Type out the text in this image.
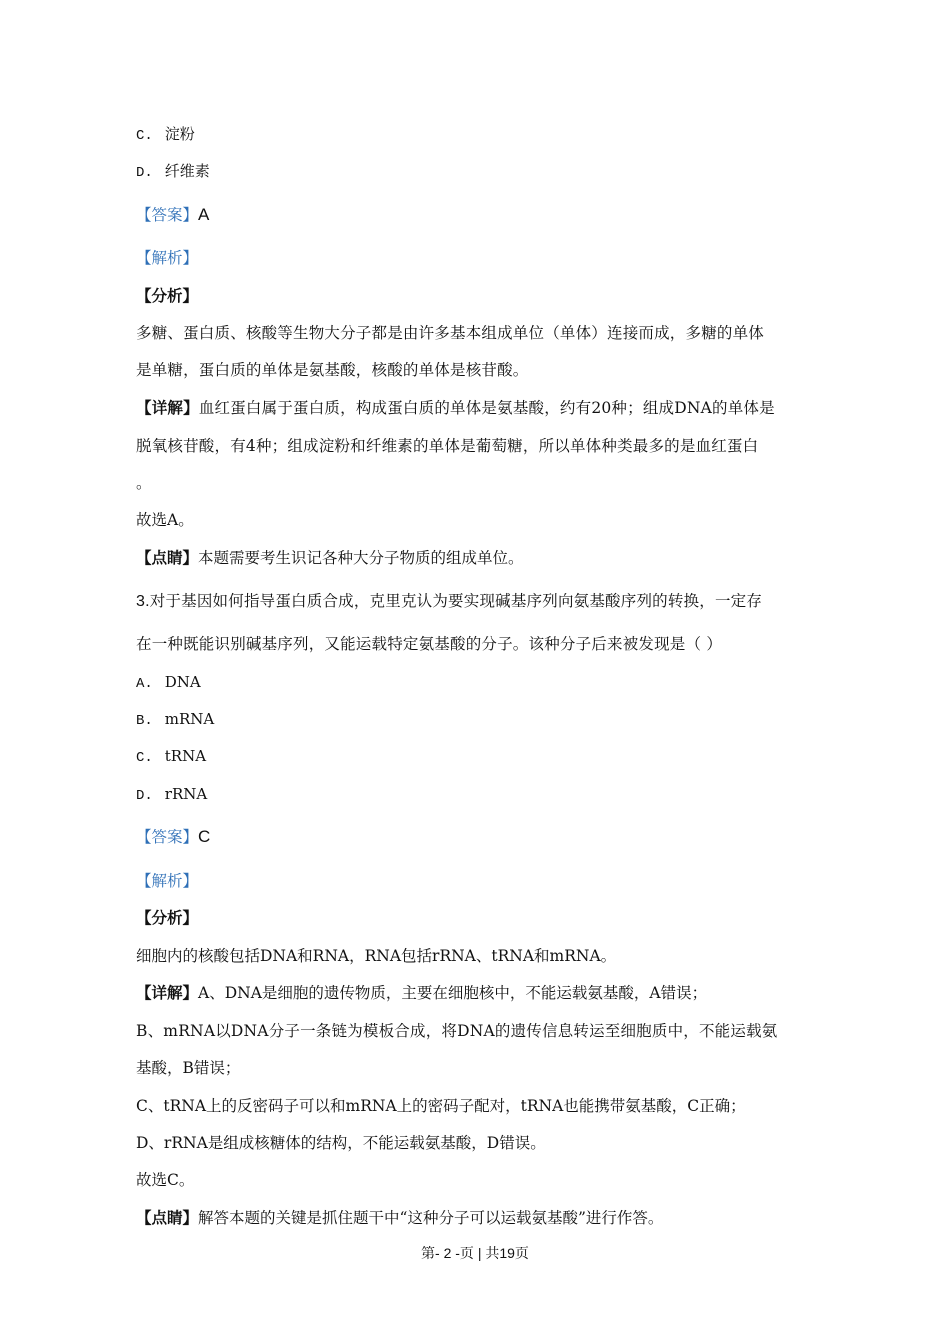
C. 淀粉
D. 纤维素
【答案】A
【解析】
【分析】
多糖、蛋白质、核酸等生物大分子都是由许多基本组成单位（单体）连接而成，多糖的单体
是单糖，蛋白质的单体是氨基酸，核酸的单体是核苷酸。
【详解】血红蛋白属于蛋白质，构成蛋白质的单体是氨基酸，约有20种；组成DNA的单体是
脱氧核苷酸，有4种；组成淀粉和纤维素的单体是葡萄糖，所以单体种类最多的是血红蛋白
。
故选A。
【点睛】本题需要考生识记各种大分子物质的组成单位。
3.对于基因如何指导蛋白质合成，克里克认为要实现碱基序列向氨基酸序列的转换，一定存
在一种既能识别碱基序列，又能运载特定氨基酸的分子。该种分子后来被发现是（ ）
A. DNA
B. mRNA
C. tRNA
D. rRNA
【答案】C
【解析】
【分析】
细胞内的核酸包括DNA和RNA，RNA包括rRNA、tRNA和mRNA。
【详解】A、DNA是细胞的遗传物质，主要在细胞核中，不能运载氨基酸，A错误；
B、mRNA以DNA分子一条链为模板合成，将DNA的遗传信息转运至细胞质中，不能运载氨
基酸，B错误；
C、tRNA上的反密码子可以和mRNA上的密码子配对，tRNA也能携带氨基酸，C正确；
D、rRNA是组成核糖体的结构，不能运载氨基酸，D错误。
故选C。
【点睛】解答本题的关键是抓住题干中“这种分子可以运载氨基酸”进行作答。
第- 2 -页 | 共19页
